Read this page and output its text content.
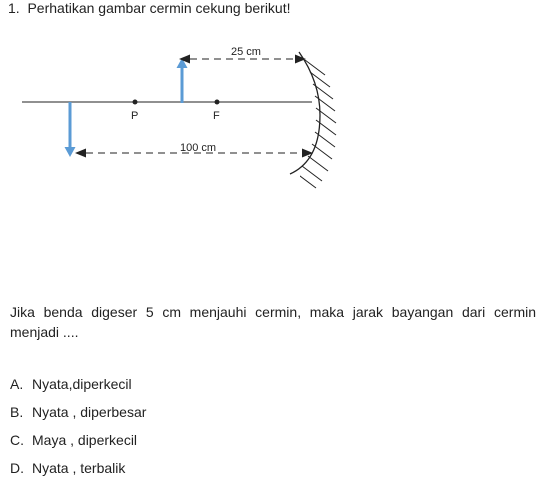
1. Perhatikan gambar cermin cekung berikut!
P	F
25 cm
100 cm
Jika benda digeser 5 cm menjauhi cermin, maka jarak bayangan dari cermin menjadi ....
A. Nyata,diperkecil
B. Nyata , diperbesar
C. Maya , diperkecil
D. Nyata , terbalik
